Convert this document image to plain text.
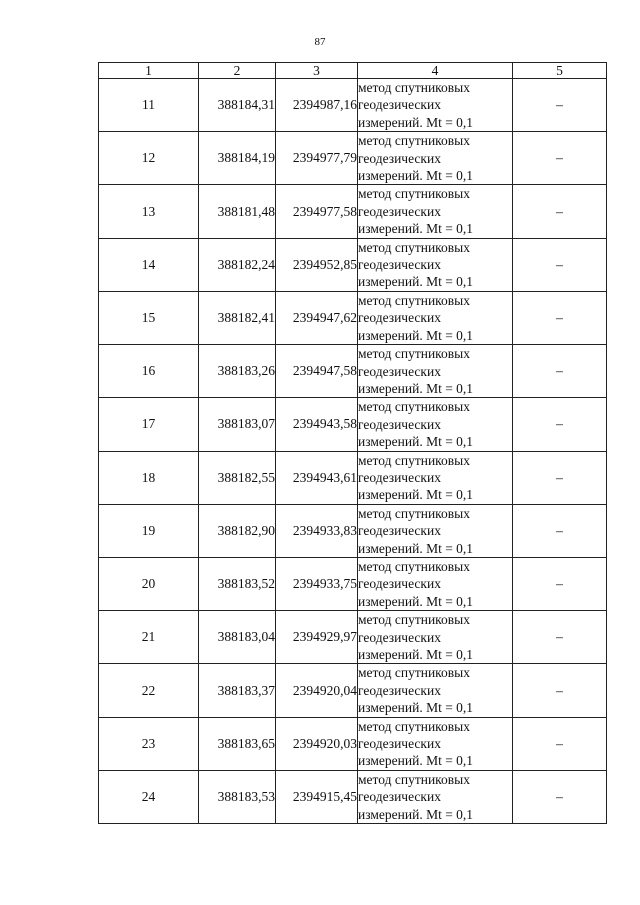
87
1	2	3	4	5
11	388184,31	2394987,16	метод спутниковых
геодезических
измерений. Mt = 0,1	–
12	388184,19	2394977,79	метод спутниковых
геодезических
измерений. Mt = 0,1	–
13	388181,48	2394977,58	метод спутниковых
геодезических
измерений. Mt = 0,1	–
14	388182,24	2394952,85	метод спутниковых
геодезических
измерений. Mt = 0,1	–
15	388182,41	2394947,62	метод спутниковых
геодезических
измерений. Mt = 0,1	–
16	388183,26	2394947,58	метод спутниковых
геодезических
измерений. Mt = 0,1	–
17	388183,07	2394943,58	метод спутниковых
геодезических
измерений. Mt = 0,1	–
18	388182,55	2394943,61	метод спутниковых
геодезических
измерений. Mt = 0,1	–
19	388182,90	2394933,83	метод спутниковых
геодезических
измерений. Mt = 0,1	–
20	388183,52	2394933,75	метод спутниковых
геодезических
измерений. Mt = 0,1	–
21	388183,04	2394929,97	метод спутниковых
геодезических
измерений. Mt = 0,1	–
22	388183,37	2394920,04	метод спутниковых
геодезических
измерений. Mt = 0,1	–
23	388183,65	2394920,03	метод спутниковых
геодезических
измерений. Mt = 0,1	–
24	388183,53	2394915,45	метод спутниковых
геодезических
измерений. Mt = 0,1	–
